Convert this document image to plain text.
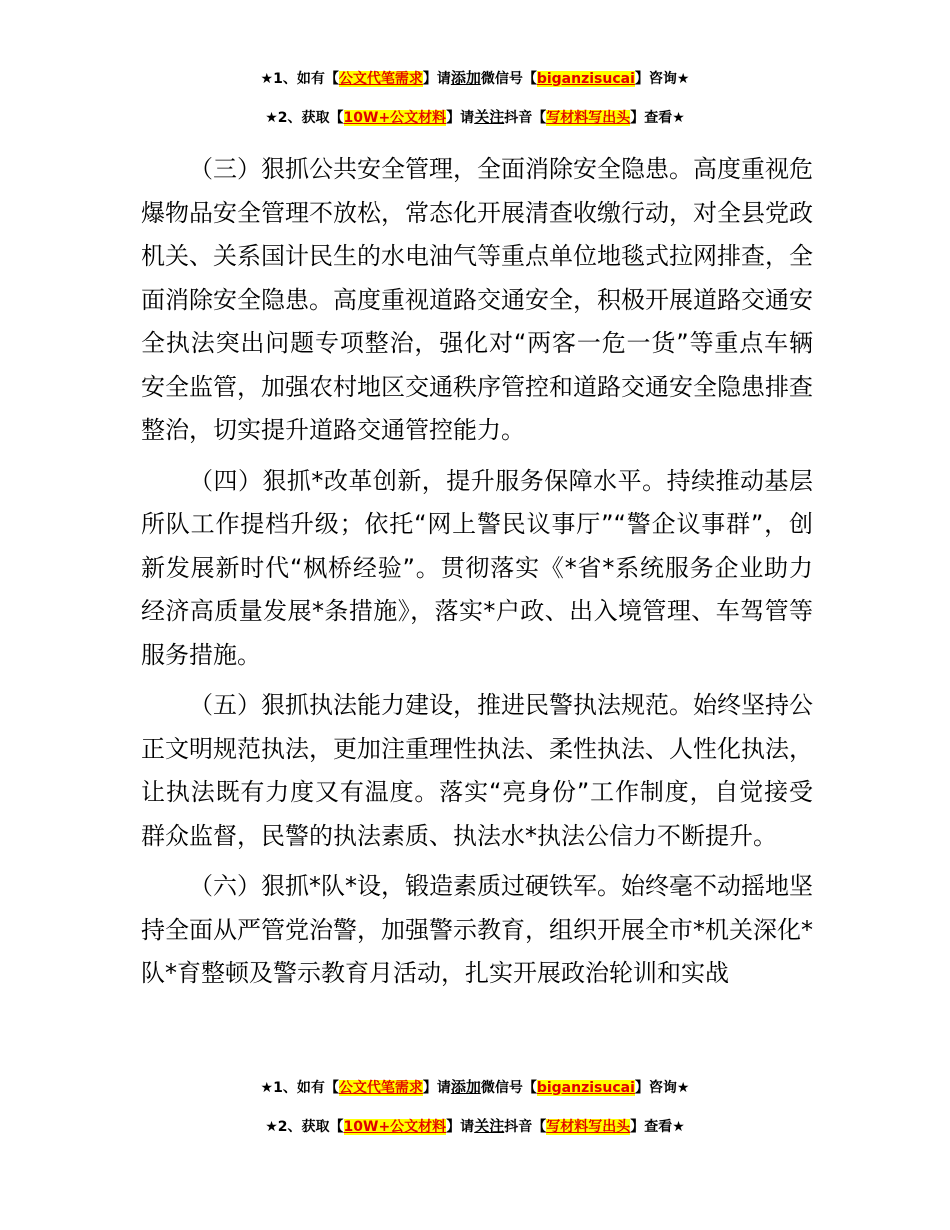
★1、如有【公文代笔需求】请添加微信号【biganzisucai】咨询★
★2、获取【10W+公文材料】请关注抖音【写材料写出头】查看★

（三）狠抓公共安全管理，全面消除安全隐患。高度重视危爆物品安全管理不放松，常态化开展清查收缴行动，对全县党政机关、关系国计民生的水电油气等重点单位地毯式拉网排查，全面消除安全隐患。高度重视道路交通安全，积极开展道路交通安全执法突出问题专项整治，强化对“两客一危一货”等重点车辆安全监管，加强农村地区交通秩序管控和道路交通安全隐患排查整治，切实提升道路交通管控能力。

（四）狠抓*改革创新，提升服务保障水平。持续推动基层所队工作提档升级；依托“网上警民议事厅”“警企议事群”，创新发展新时代“枫桥经验”。贯彻落实《*省*系统服务企业助力经济高质量发展*条措施》，落实*户政、出入境管理、车驾管等服务措施。

（五）狠抓执法能力建设，推进民警执法规范。始终坚持公正文明规范执法，更加注重理性执法、柔性执法、人性化执法，让执法既有力度又有温度。落实“亮身份”工作制度，自觉接受群众监督，民警的执法素质、执法水*执法公信力不断提升。

（六）狠抓*队*设，锻造素质过硬铁军。始终毫不动摇地坚持全面从严管党治警，加强警示教育，组织开展全市*机关深化*队*育整顿及警示教育月活动，扎实开展政治轮训和实战

★1、如有【公文代笔需求】请添加微信号【biganzisucai】咨询★
★2、获取【10W+公文材料】请关注抖音【写材料写出头】查看★
